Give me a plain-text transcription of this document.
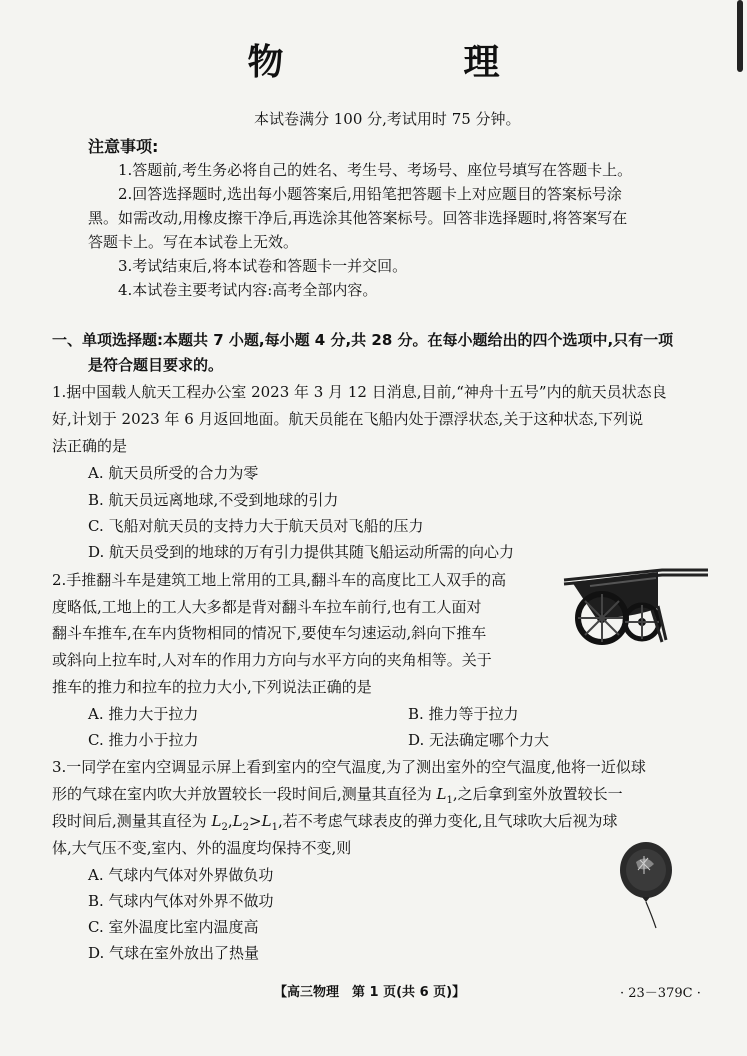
物　理
本试卷满分 100 分,考试用时 75 分钟。
注意事项:
1.答题前,考生务必将自己的姓名、考生号、考场号、座位号填写在答题卡上。
2.回答选择题时,选出每小题答案后,用铅笔把答题卡上对应题目的答案标号涂
黑。如需改动,用橡皮擦干净后,再选涂其他答案标号。回答非选择题时,将答案写在
答题卡上。写在本试卷上无效。
3.考试结束后,将本试卷和答题卡一并交回。
4.本试卷主要考试内容:高考全部内容。
一、单项选择题:本题共 7 小题,每小题 4 分,共 28 分。在每小题给出的四个选项中,只有一项
是符合题目要求的。
1.据中国载人航天工程办公室 2023 年 3 月 12 日消息,目前,“神舟十五号”内的航天员状态良
好,计划于 2023 年 6 月返回地面。航天员能在飞船内处于漂浮状态,关于这种状态,下列说
法正确的是
A. 航天员所受的合力为零
B. 航天员远离地球,不受到地球的引力
C. 飞船对航天员的支持力大于航天员对飞船的压力
D. 航天员受到的地球的万有引力提供其随飞船运动所需的向心力
2.手推翻斗车是建筑工地上常用的工具,翻斗车的高度比工人双手的高
度略低,工地上的工人大多都是背对翻斗车拉车前行,也有工人面对
翻斗车推车,在车内货物相同的情况下,要使车匀速运动,斜向下推车
或斜向上拉车时,人对车的作用力方向与水平方向的夹角相等。关于
推车的推力和拉车的拉力大小,下列说法正确的是
A. 推力大于拉力	B. 推力等于拉力
C. 推力小于拉力	D. 无法确定哪个力大
3.一同学在室内空调显示屏上看到室内的空气温度,为了测出室外的空气温度,他将一近似球
形的气球在室内吹大并放置较长一段时间后,测量其直径为 $L_1$,之后拿到室外放置较长一
段时间后,测量其直径为 $L_2,L_2>L_1$,若不考虑气球表皮的弹力变化,且气球吹大后视为球
体,大气压不变,室内、外的温度均保持不变,则
A. 气球内气体对外界做负功
B. 气球内气体对外界不做功
C. 室外温度比室内温度高
D. 气球在室外放出了热量
【高三物理　第 1 页(共 6 页)】	· 23－379C ·
